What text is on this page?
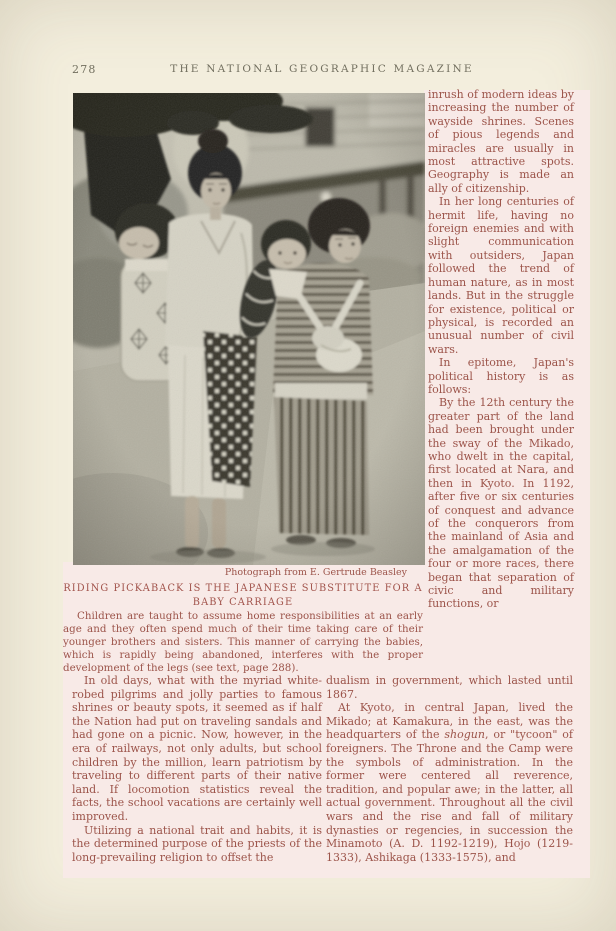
278	THE NATIONAL GEOGRAPHIC MAGAZINE

inrush of modern ideas by increasing the number of wayside shrines. Scenes of pious legends and miracles are usually in most attractive spots. Geography is made an ally of citizenship.

In her long centuries of hermit life, having no foreign enemies and with slight communication with outsiders, Japan followed the trend of human nature, as in most lands. But in the struggle for existence, political or physical, is recorded an unusual number of civil wars.

In epitome, Japan's political history is as follows:

By the 12th century the greater part of the land had been brought under the sway of the Mikado, who dwelt in the capital, first located at Nara, and then in Kyoto. In 1192, after five or six centuries of conquest and advance of the conquerors from the mainland of Asia and the amalgamation of the four or more races, there began that separation of civic and military functions, or

Photograph from E. Gertrude Beasley
RIDING PICKABACK IS THE JAPANESE SUBSTITUTE FOR A
BABY CARRIAGE
Children are taught to assume home responsibilities at an early age and they often spend much of their time taking care of their younger brothers and sisters. This manner of carrying the babies, which is rapidly being abandoned, interferes with the proper development of the legs (see text, page 288).

In old days, what with the myriad white-robed pilgrims and jolly parties to famous shrines or beauty spots, it seemed as if half the Nation had put on traveling sandals and had gone on a picnic. Now, however, in the era of railways, not only adults, but school children by the million, learn patriotism by traveling to different parts of their native land. If locomotion statistics reveal the facts, the school vacations are certainly well improved.

Utilizing a national trait and habits, it is the determined purpose of the priests of the long-prevailing religion to offset the

dualism in government, which lasted until 1867.

At Kyoto, in central Japan, lived the Mikado; at Kamakura, in the east, was the headquarters of the shogun, or "tycoon" of foreigners. The Throne and the Camp were the symbols of administration. In the former were centered all reverence, tradition, and popular awe; in the latter, all actual government. Throughout all the civil wars and the rise and fall of military dynasties or regencies, in succession the Minamoto (A. D. 1192-1219), Hojo (1219-1333), Ashikaga (1333-1575), and
